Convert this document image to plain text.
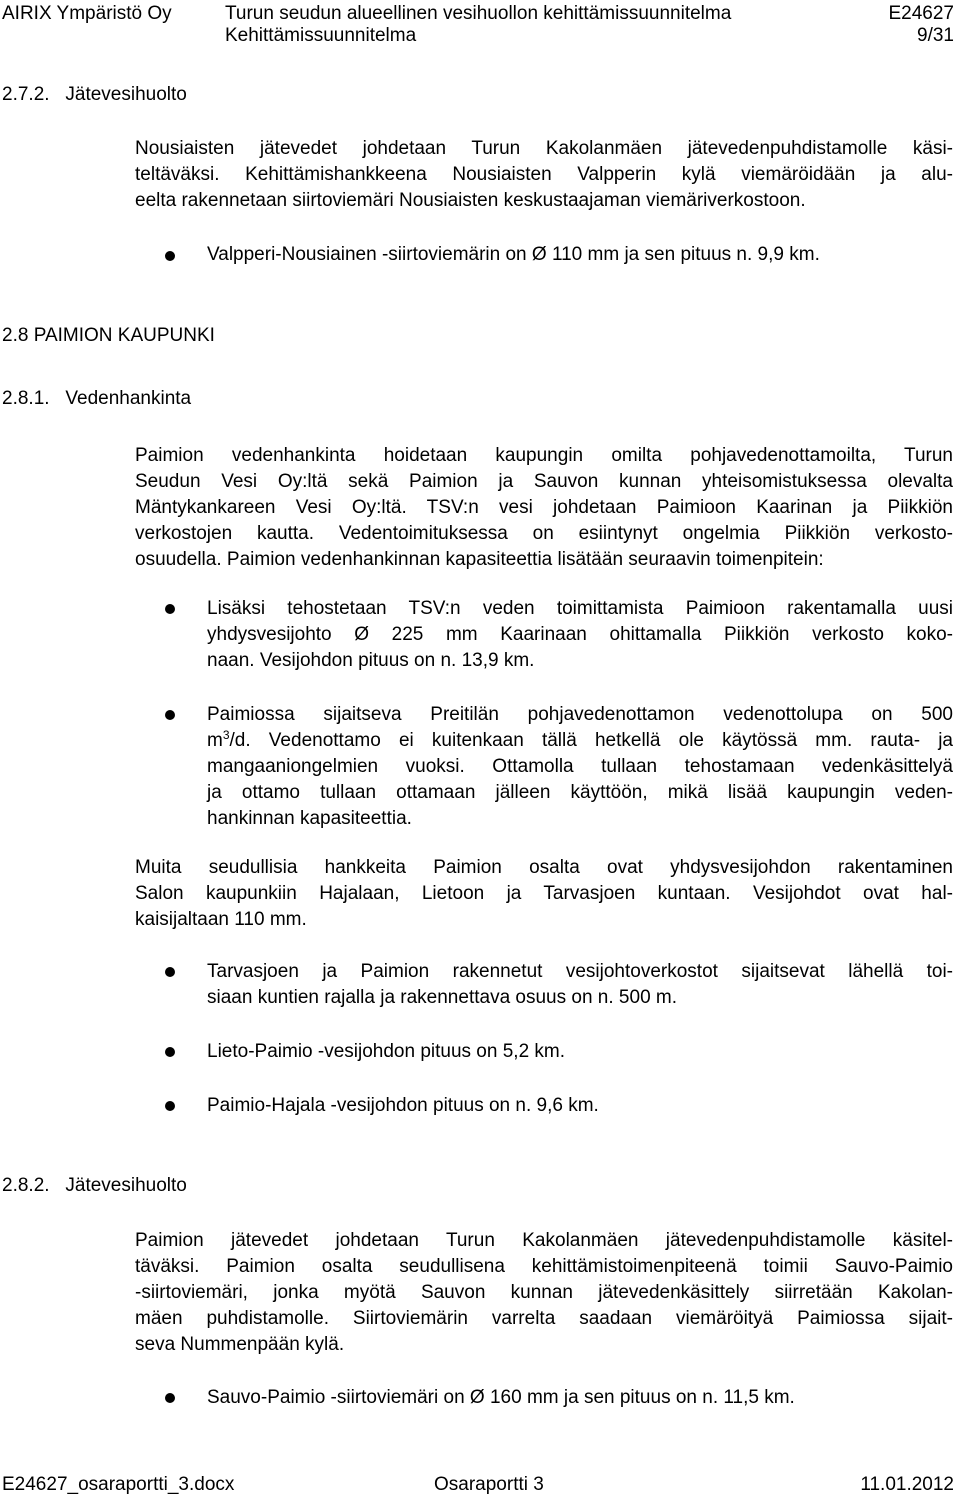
AIRIX Ympäristö Oy	Turun seudun alueellinen vesihuollon kehittämissuunnitelma	E24627
Kehittämissuunnitelma	9/31
2.7.2.   Jätevesihuolto
Nousiaisten jätevedet johdetaan Turun Kakolanmäen jätevedenpuhdistamolle käsi-
teltäväksi. Kehittämishankkeena Nousiaisten Valpperin kylä viemäröidään ja alu-
eelta rakennetaan siirtoviemäri Nousiaisten keskustaajaman viemäriverkostoon.
Valpperi-Nousiainen -siirtoviemärin on Ø 110 mm ja sen pituus n. 9,9 km.
2.8 PAIMION KAUPUNKI
2.8.1.   Vedenhankinta
Paimion vedenhankinta hoidetaan kaupungin omilta pohjavedenottamoilta, Turun
Seudun Vesi Oy:ltä sekä Paimion ja Sauvon kunnan yhteisomistuksessa olevalta
Mäntykankareen Vesi Oy:ltä. TSV:n vesi johdetaan Paimioon Kaarinan ja Piikkiön
verkostojen kautta. Vedentoimituksessa on esiintynyt ongelmia Piikkiön verkosto-
osuudella. Paimion vedenhankinnan kapasiteettia lisätään seuraavin toimenpitein:
Lisäksi tehostetaan TSV:n veden toimittamista Paimioon rakentamalla uusi
yhdysvesijohto Ø 225 mm Kaarinaan ohittamalla Piikkiön verkosto koko-
naan. Vesijohdon pituus on n. 13,9 km.
Paimiossa sijaitseva Preitilän pohjavedenottamon vedenottolupa on 500
$m^3/d$. Vedenottamo ei kuitenkaan tällä hetkellä ole käytössä mm. rauta- ja
mangaaniongelmien vuoksi. Ottamolla tullaan tehostamaan vedenkäsittelyä
ja ottamo tullaan ottamaan jälleen käyttöön, mikä lisää kaupungin veden-
hankinnan kapasiteettia.
Muita seudullisia hankkeita Paimion osalta ovat yhdysvesijohdon rakentaminen
Salon kaupunkiin Hajalaan, Lietoon ja Tarvasjoen kuntaan. Vesijohdot ovat hal-
kaisijaltaan 110 mm.
Tarvasjoen ja Paimion rakennetut vesijohtoverkostot sijaitsevat lähellä toi-
siaan kuntien rajalla ja rakennettava osuus on n. 500 m.
Lieto-Paimio -vesijohdon pituus on 5,2 km.
Paimio-Hajala -vesijohdon pituus on n. 9,6 km.
2.8.2.   Jätevesihuolto
Paimion jätevedet johdetaan Turun Kakolanmäen jätevedenpuhdistamolle käsitel-
täväksi. Paimion osalta seudullisena kehittämistoimenpiteenä toimii Sauvo-Paimio
-siirtoviemäri, jonka myötä Sauvon kunnan jätevedenkäsittely siirretään Kakolan-
mäen puhdistamolle. Siirtoviemärin varrelta saadaan viemäröityä Paimiossa sijait-
seva Nummenpään kylä.
Sauvo-Paimio -siirtoviemäri on Ø 160 mm ja sen pituus on n. 11,5 km.
E24627_osaraportti_3.docx	Osaraportti 3	11.01.2012
